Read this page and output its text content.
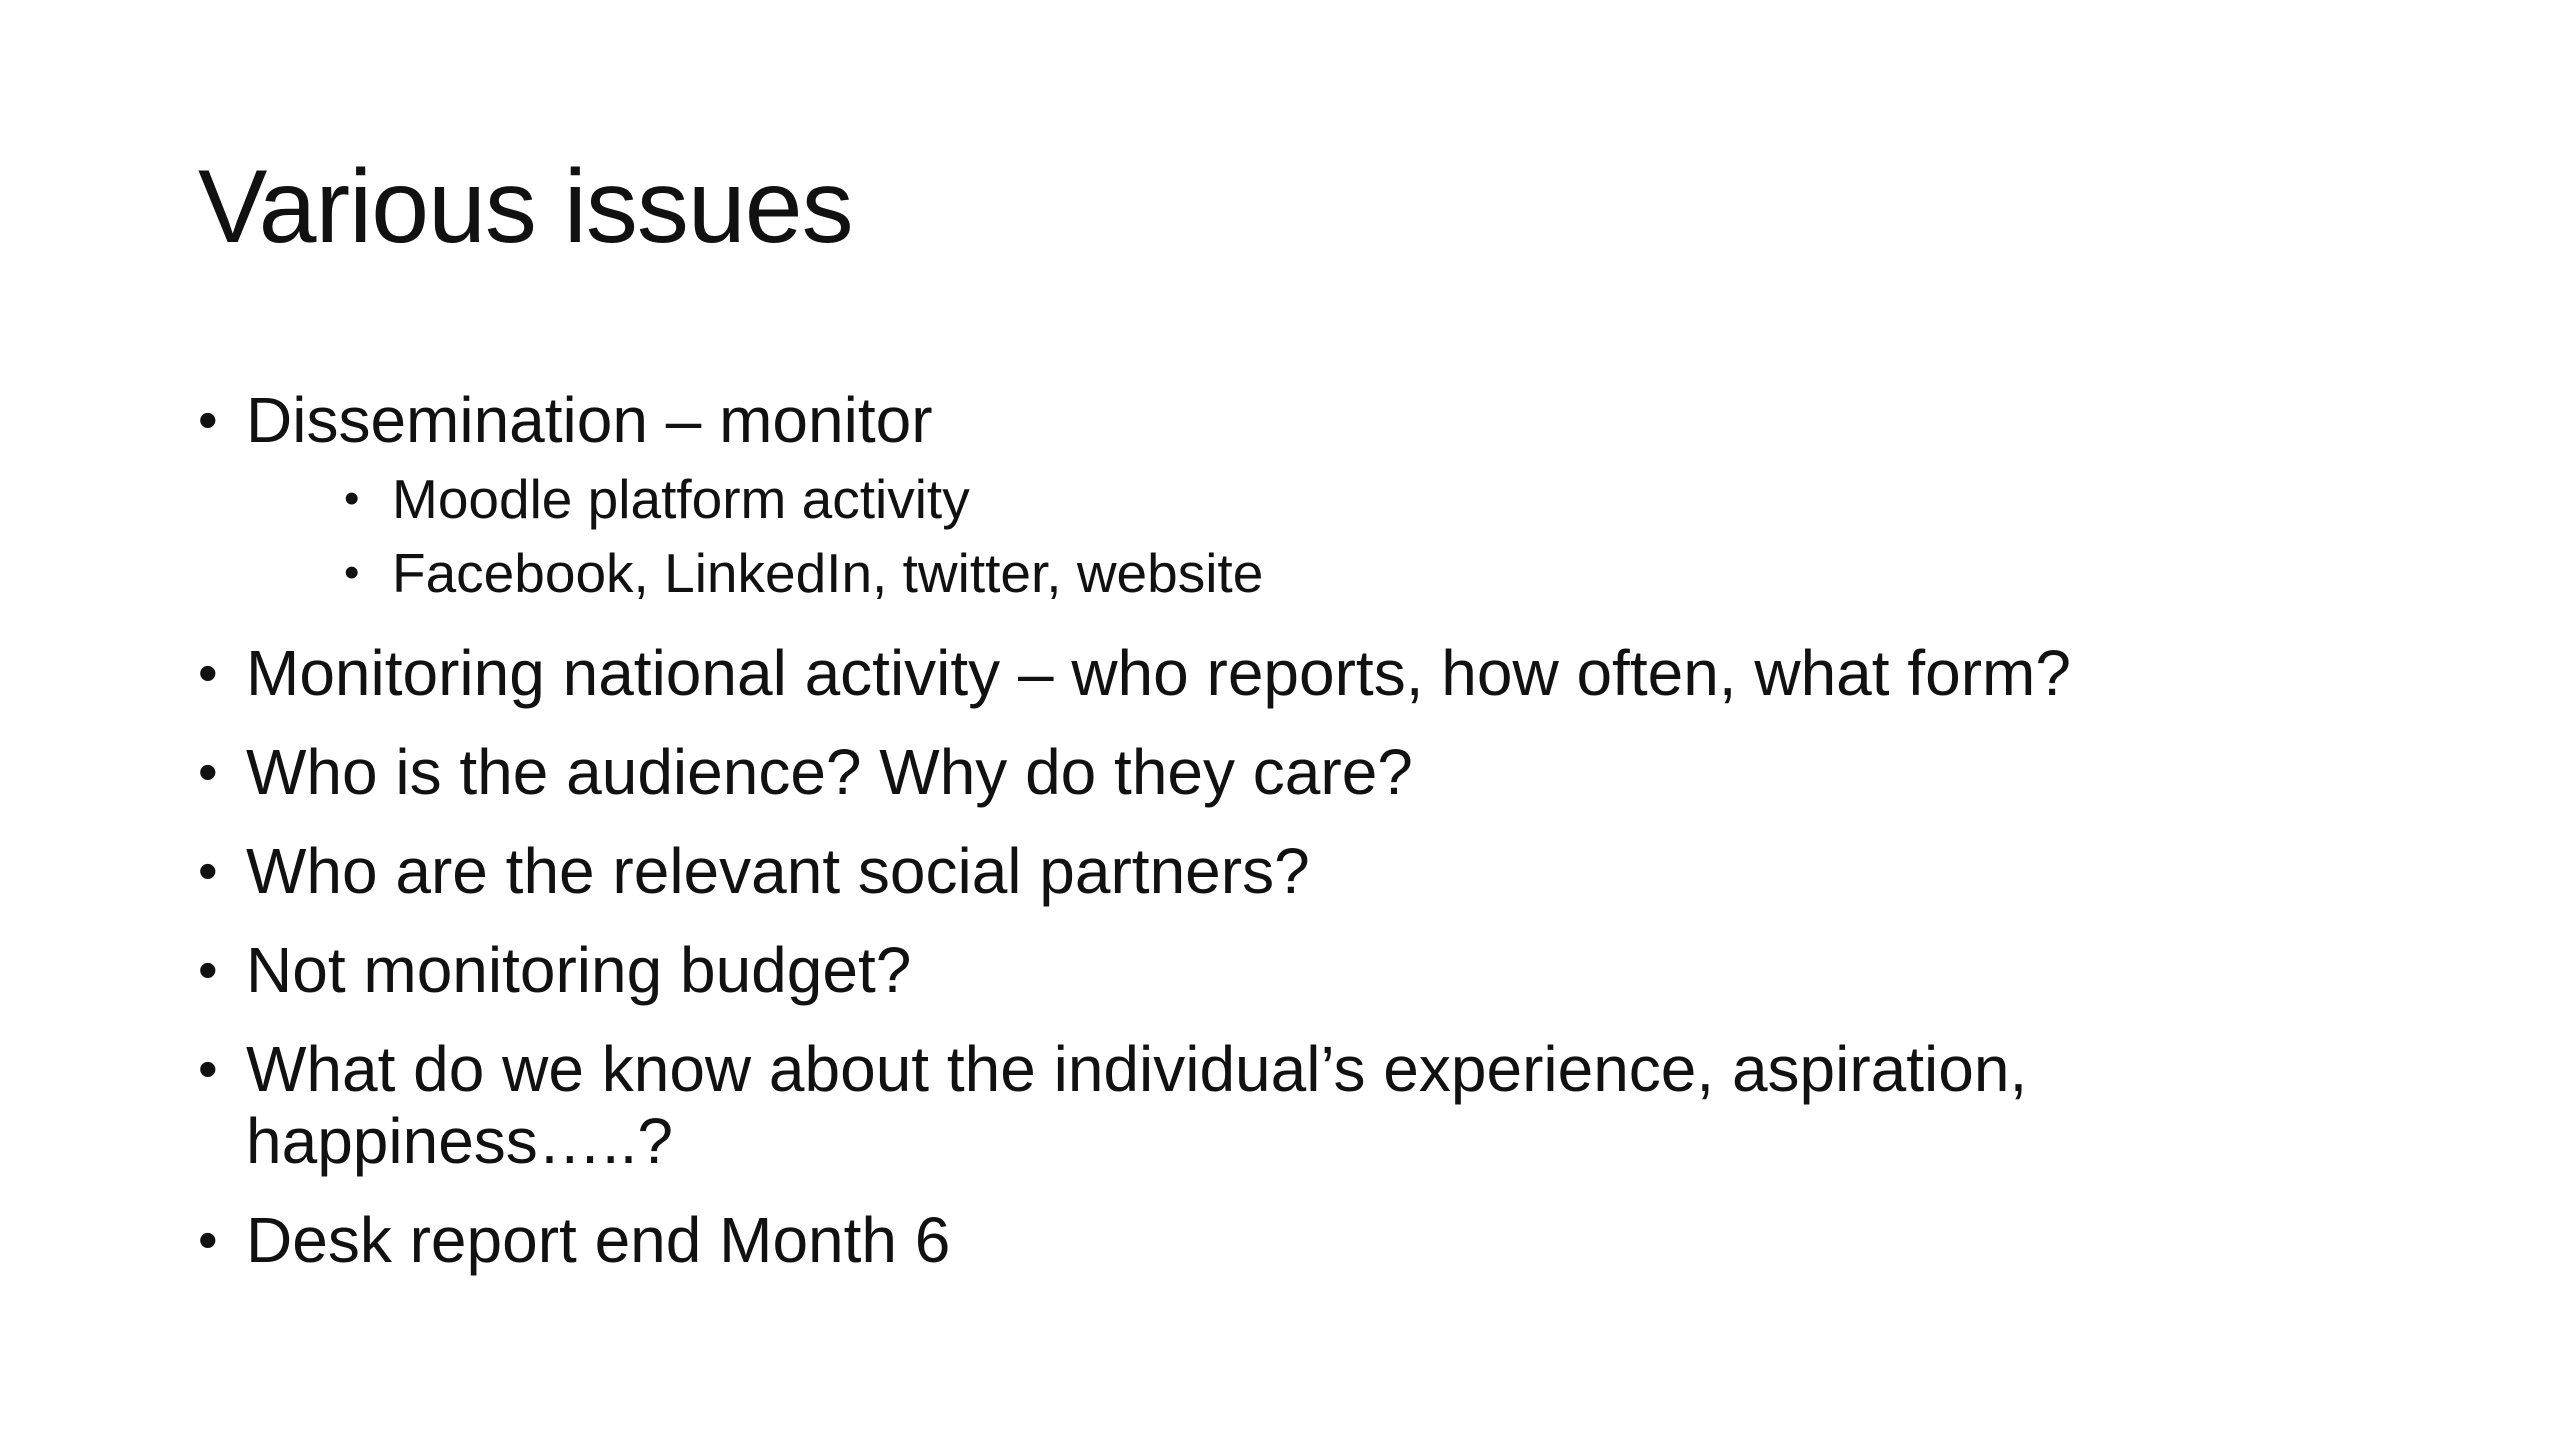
Various issues
• Dissemination – monitor
• Moodle platform activity
• Facebook, LinkedIn, twitter, website
• Monitoring national activity – who reports, how often, what form?
• Who is the audience? Why do they care?
• Who are the relevant social partners?
• Not monitoring budget?
• What do we know about the individual’s experience, aspiration, happiness…..?
• Desk report end Month 6
